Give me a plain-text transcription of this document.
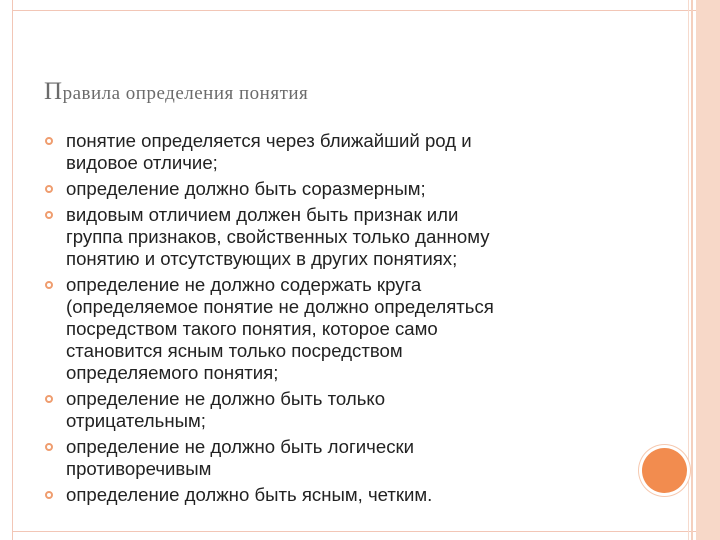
Правила определения понятия
понятие определяется через ближайший род и
видовое отличие;
определение должно быть соразмерным;
видовым отличием должен быть признак или
группа признаков, свойственных только данному
понятию и отсутствующих в других понятиях;
определение не должно содержать круга
(определяемое понятие не должно определяться
посредством такого понятия, которое само
становится ясным только посредством
определяемого понятия;
определение не должно быть только
отрицательным;
определение не должно быть логически
противоречивым
определение должно быть ясным, четким.
